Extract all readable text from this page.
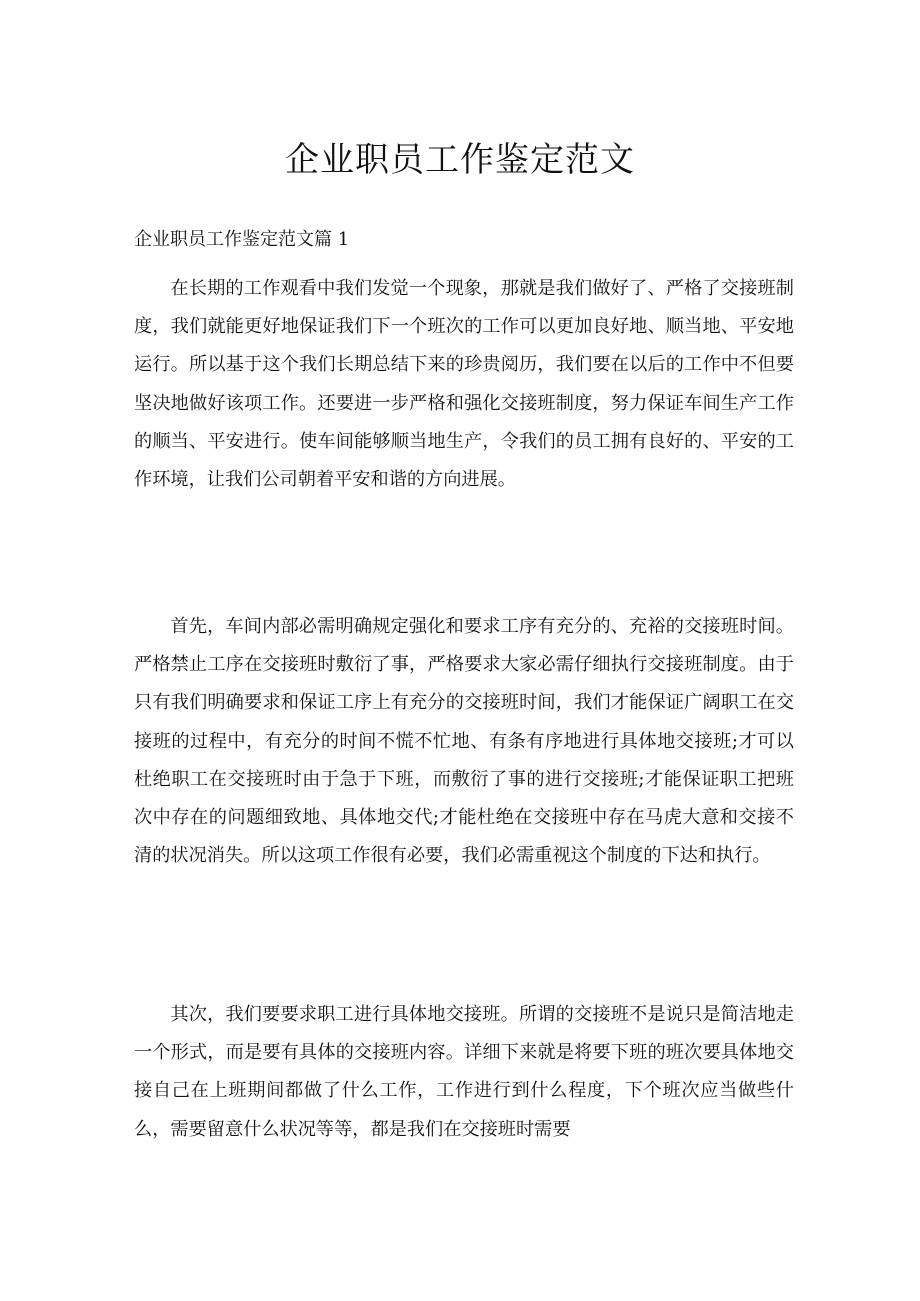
企业职员工作鉴定范文

企业职员工作鉴定范文篇 1

在长期的工作观看中我们发觉一个现象，那就是我们做好了、严格了交接班制度，我们就能更好地保证我们下一个班次的工作可以更加良好地、顺当地、平安地运行。所以基于这个我们长期总结下来的珍贵阅历，我们要在以后的工作中不但要坚决地做好该项工作。还要进一步严格和强化交接班制度，努力保证车间生产工作的顺当、平安进行。使车间能够顺当地生产，令我们的员工拥有良好的、平安的工作环境，让我们公司朝着平安和谐的方向进展。

首先，车间内部必需明确规定强化和要求工序有充分的、充裕的交接班时间。严格禁止工序在交接班时敷衍了事，严格要求大家必需仔细执行交接班制度。由于只有我们明确要求和保证工序上有充分的交接班时间，我们才能保证广阔职工在交接班的过程中，有充分的时间不慌不忙地、有条有序地进行具体地交接班;才可以杜绝职工在交接班时由于急于下班，而敷衍了事的进行交接班;才能保证职工把班次中存在的问题细致地、具体地交代;才能杜绝在交接班中存在马虎大意和交接不清的状况消失。所以这项工作很有必要，我们必需重视这个制度的下达和执行。

其次，我们要要求职工进行具体地交接班。所谓的交接班不是说只是简洁地走一个形式，而是要有具体的交接班内容。详细下来就是将要下班的班次要具体地交接自己在上班期间都做了什么工作，工作进行到什么程度，下个班次应当做些什么，需要留意什么状况等等，都是我们在交接班时需要
